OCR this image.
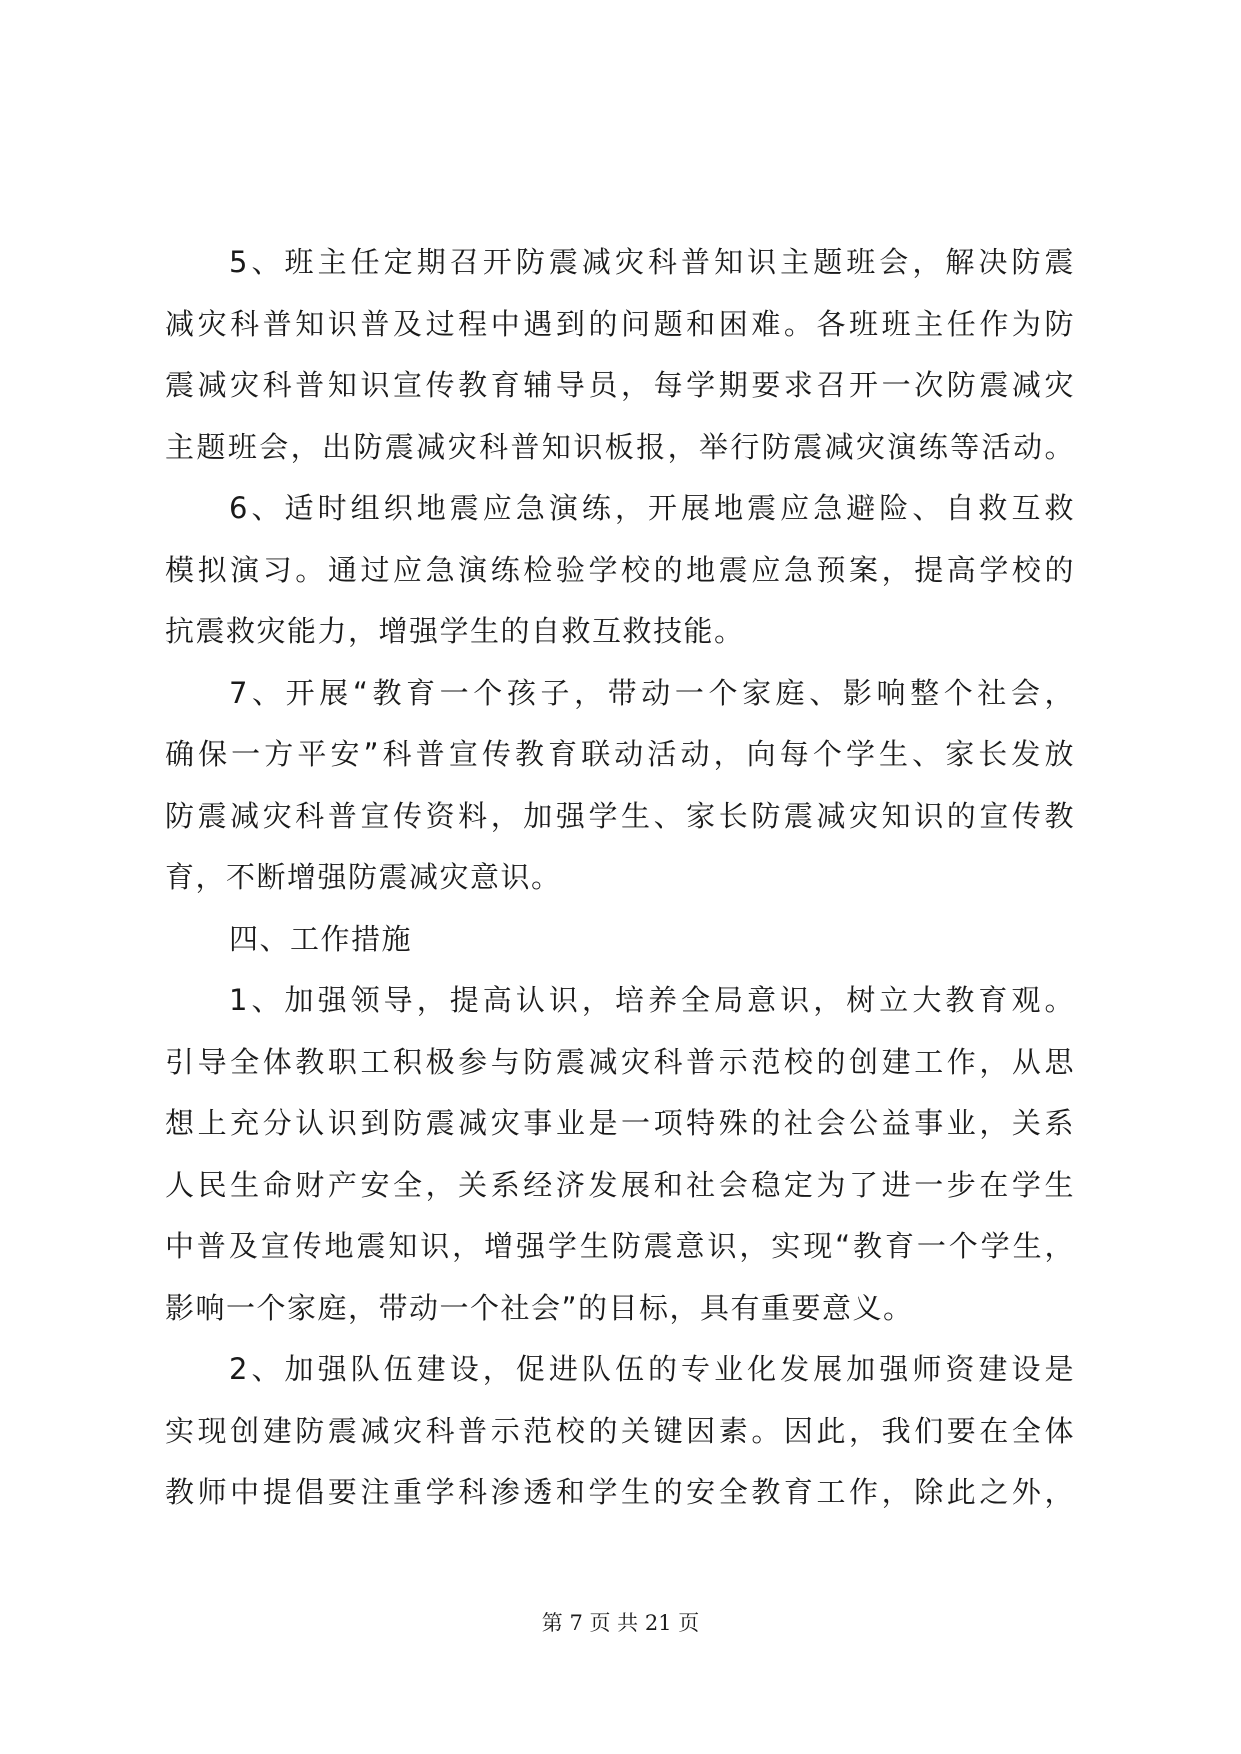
5、班主任定期召开防震减灾科普知识主题班会，解决防震
减灾科普知识普及过程中遇到的问题和困难。各班班主任作为防
震减灾科普知识宣传教育辅导员，每学期要求召开一次防震减灾
主题班会，出防震减灾科普知识板报，举行防震减灾演练等活动。
6、适时组织地震应急演练，开展地震应急避险、自救互救
模拟演习。通过应急演练检验学校的地震应急预案，提高学校的
抗震救灾能力，增强学生的自救互救技能。
7、开展“教育一个孩子，带动一个家庭、影响整个社会，
确保一方平安”科普宣传教育联动活动，向每个学生、家长发放
防震减灾科普宣传资料，加强学生、家长防震减灾知识的宣传教
育，不断增强防震减灾意识。
四、工作措施
1、加强领导，提高认识，培养全局意识，树立大教育观。
引导全体教职工积极参与防震减灾科普示范校的创建工作，从思
想上充分认识到防震减灾事业是一项特殊的社会公益事业，关系
人民生命财产安全，关系经济发展和社会稳定为了进一步在学生
中普及宣传地震知识，增强学生防震意识，实现“教育一个学生，
影响一个家庭，带动一个社会”的目标，具有重要意义。
2、加强队伍建设，促进队伍的专业化发展加强师资建设是
实现创建防震减灾科普示范校的关键因素。因此，我们要在全体
教师中提倡要注重学科渗透和学生的安全教育工作，除此之外，
第 7 页 共 21 页
